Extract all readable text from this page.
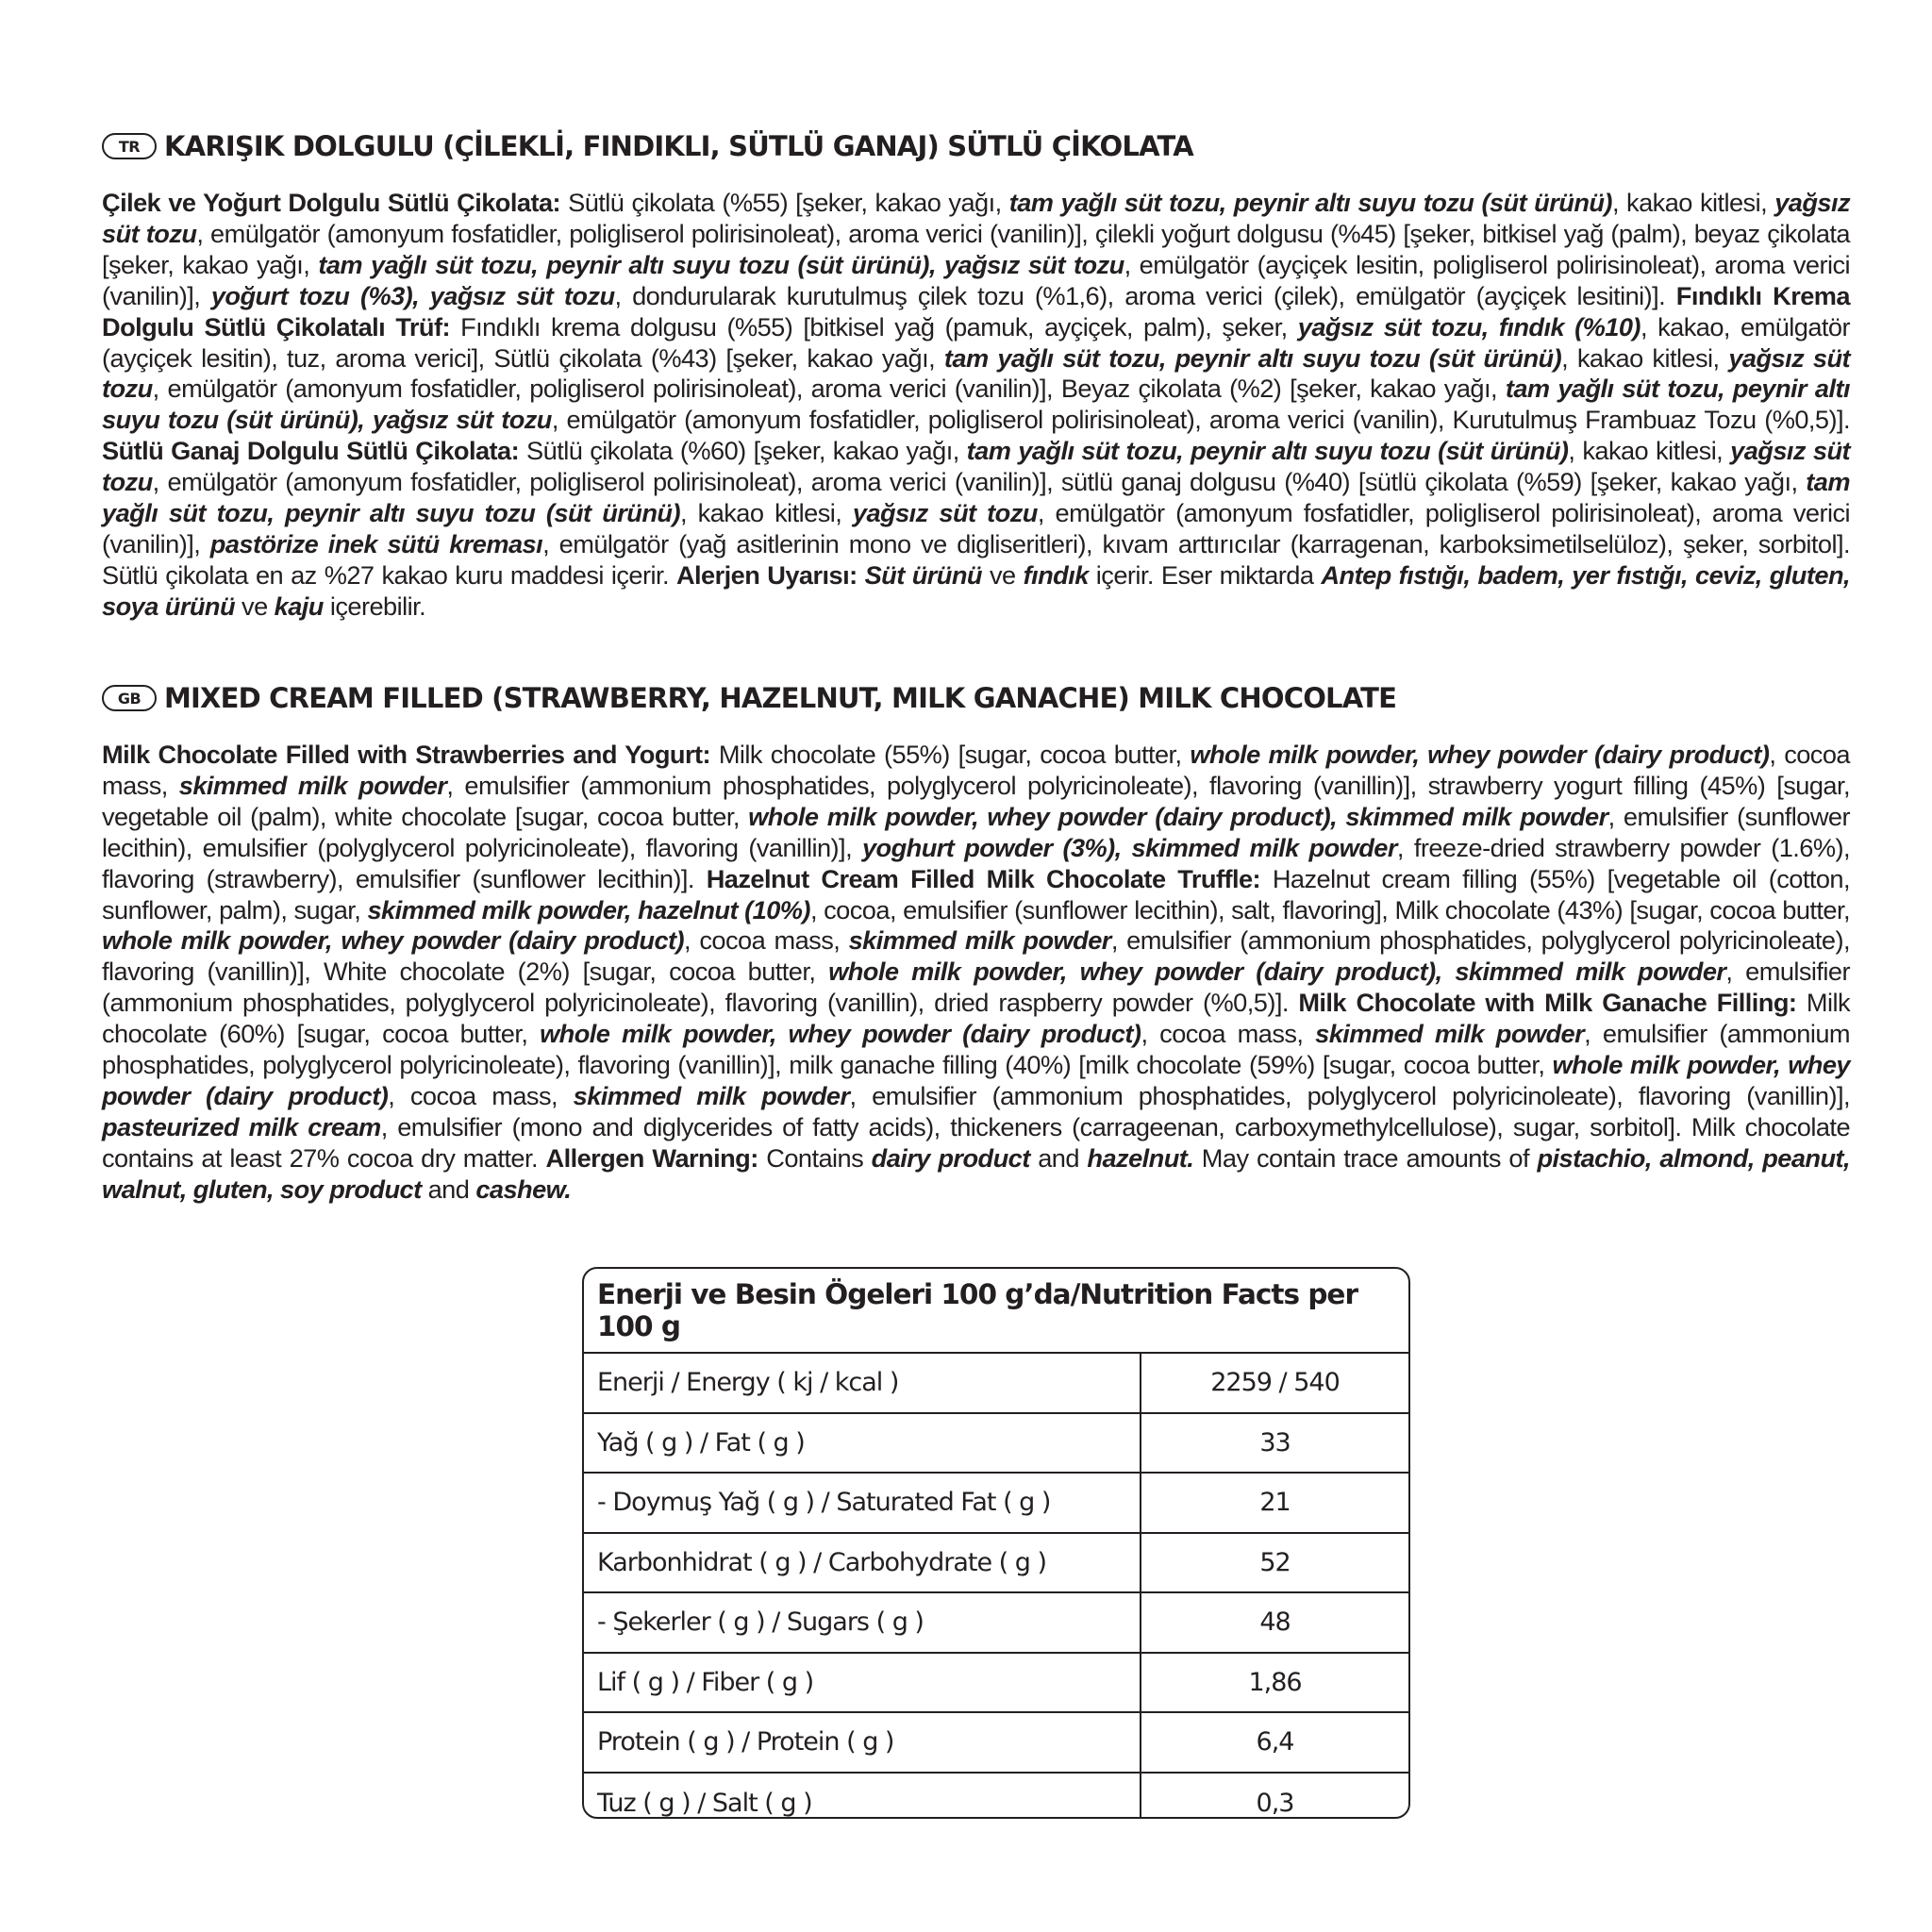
TR KARIŞIK DOLGULU (ÇİLEKLİ, FINDIKLI, SÜTLÜ GANAJ) SÜTLÜ ÇİKOLATA

Çilek ve Yoğurt Dolgulu Sütlü Çikolata: Sütlü çikolata (%55) [şeker, kakao yağı, tam yağlı süt tozu, peynir altı suyu tozu (süt ürünü), kakao kitlesi, yağsız süt tozu, emülgatör (amonyum fosfatidler, poligliserol polirisinoleat), aroma verici (vanilin)], çilekli yoğurt dolgusu (%45) [şeker, bitkisel yağ (palm), beyaz çikolata [şeker, kakao yağı, tam yağlı süt tozu, peynir altı suyu tozu (süt ürünü), yağsız süt tozu, emülgatör (ayçiçek lesitin, poligliserol polirisinoleat), aroma verici (vanilin)], yoğurt tozu (%3), yağsız süt tozu, dondurularak kurutulmuş çilek tozu (%1,6), aroma verici (çilek), emülgatör (ayçiçek lesitini)]. Fındıklı Krema Dolgulu Sütlü Çikolatalı Trüf: Fındıklı krema dolgusu (%55) [bitkisel yağ (pamuk, ayçiçek, palm), şeker, yağsız süt tozu, fındık (%10), kakao, emülgatör (ayçiçek lesitin), tuz, aroma verici], Sütlü çikolata (%43) [şeker, kakao yağı, tam yağlı süt tozu, peynir altı suyu tozu (süt ürünü), kakao kitlesi, yağsız süt tozu, emülgatör (amonyum fosfatidler, poligliserol polirisinoleat), aroma verici (vanilin)], Beyaz çikolata (%2) [şeker, kakao yağı, tam yağlı süt tozu, peynir altı suyu tozu (süt ürünü), yağsız süt tozu, emülgatör (amonyum fosfatidler, poligliserol polirisinoleat), aroma verici (vanilin), Kurutulmuş Frambuaz Tozu (%0,5)]. Sütlü Ganaj Dolgulu Sütlü Çikolata: Sütlü çikolata (%60) [şeker, kakao yağı, tam yağlı süt tozu, peynir altı suyu tozu (süt ürünü), kakao kitlesi, yağsız süt tozu, emülgatör (amonyum fosfatidler, poligliserol polirisinoleat), aroma verici (vanilin)], sütlü ganaj dolgusu (%40) [sütlü çikolata (%59) [şeker, kakao yağı, tam yağlı süt tozu, peynir altı suyu tozu (süt ürünü), kakao kitlesi, yağsız süt tozu, emülgatör (amonyum fosfatidler, poligliserol polirisinoleat), aroma verici (vanilin)], pastörize inek sütü kreması, emülgatör (yağ asitlerinin mono ve digliseritleri), kıvam arttırıcılar (karragenan, karboksimetilselüloz), şeker, sorbitol]. Sütlü çikolata en az %27 kakao kuru maddesi içerir. Alerjen Uyarısı: Süt ürünü ve fındık içerir. Eser miktarda Antep fıstığı, badem, yer fıstığı, ceviz, gluten, soya ürünü ve kaju içerebilir.

GB MIXED CREAM FILLED (STRAWBERRY, HAZELNUT, MILK GANACHE) MILK CHOCOLATE

Milk Chocolate Filled with Strawberries and Yogurt: Milk chocolate (55%) [sugar, cocoa butter, whole milk powder, whey powder (dairy product), cocoa mass, skimmed milk powder, emulsifier (ammonium phosphatides, polyglycerol polyricinoleate), flavoring (vanillin)], strawberry yogurt filling (45%) [sugar, vegetable oil (palm), white chocolate [sugar, cocoa butter, whole milk powder, whey powder (dairy product), skimmed milk powder, emulsifier (sunflower lecithin), emulsifier (polyglycerol polyricinoleate), flavoring (vanillin)], yoghurt powder (3%), skimmed milk powder, freeze-dried strawberry powder (1.6%), flavoring (strawberry), emulsifier (sunflower lecithin)]. Hazelnut Cream Filled Milk Chocolate Truffle: Hazelnut cream filling (55%) [vegetable oil (cotton, sunflower, palm), sugar, skimmed milk powder, hazelnut (10%), cocoa, emulsifier (sunflower lecithin), salt, flavoring], Milk chocolate (43%) [sugar, cocoa butter, whole milk powder, whey powder (dairy product), cocoa mass, skimmed milk powder, emulsifier (ammonium phosphatides, polyglycerol polyricinoleate), flavoring (vanillin)], White chocolate (2%) [sugar, cocoa butter, whole milk powder, whey powder (dairy product), skimmed milk powder, emulsifier (ammonium phosphatides, polyglycerol polyricinoleate), flavoring (vanillin), dried raspberry powder (%0,5)]. Milk Chocolate with Milk Ganache Filling: Milk chocolate (60%) [sugar, cocoa butter, whole milk powder, whey powder (dairy product), cocoa mass, skimmed milk powder, emulsifier (ammonium phosphatides, polyglycerol polyricinoleate), flavoring (vanillin)], milk ganache filling (40%) [milk chocolate (59%) [sugar, cocoa butter, whole milk powder, whey powder (dairy product), cocoa mass, skimmed milk powder, emulsifier (ammonium phosphatides, polyglycerol polyricinoleate), flavoring (vanillin)], pasteurized milk cream, emulsifier (mono and diglycerides of fatty acids), thickeners (carrageenan, carboxymethylcellulose), sugar, sorbitol]. Milk chocolate contains at least 27% cocoa dry matter. Allergen Warning: Contains dairy product and hazelnut. May contain trace amounts of pistachio, almond, peanut, walnut, gluten, soy product and cashew.

Enerji ve Besin Ögeleri 100 g’da/Nutrition Facts per 100 g
Enerji / Energy ( kj / kcal )	2259 / 540
Yağ ( g ) / Fat ( g )	33
- Doymuş Yağ ( g ) / Saturated Fat ( g )	21
Karbonhidrat ( g ) / Carbohydrate ( g )	52
- Şekerler ( g ) / Sugars ( g )	48
Lif ( g ) / Fiber ( g )	1,86
Protein ( g ) / Protein ( g )	6,4
Tuz ( g ) / Salt ( g )	0,3
